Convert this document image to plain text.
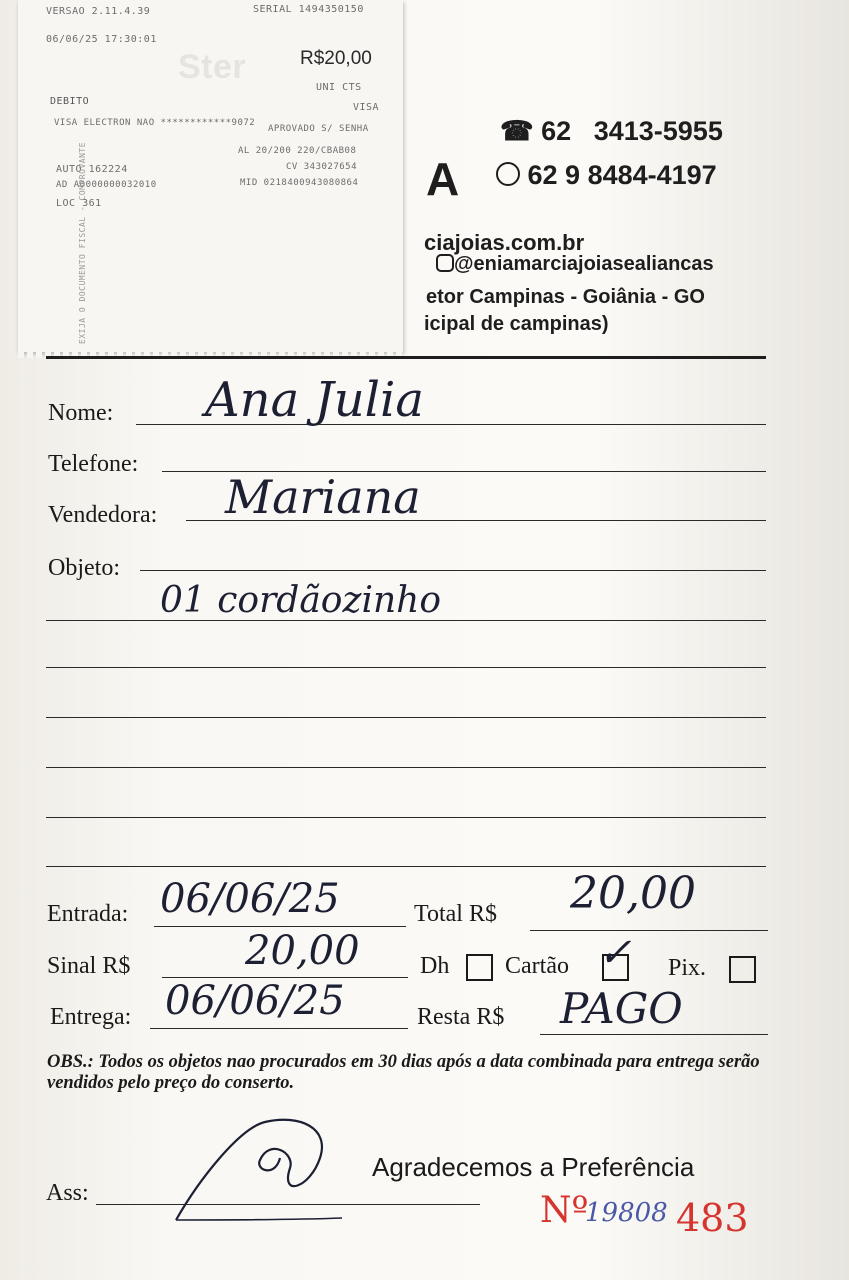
Ster
VERSAO 2.11.4.39	SERIAL 1494350150
06/06/25 17:30:01
R$20,00
UNI CTS
DEBITO
VISA
VISA ELECTRON NAO ************9072
APROVADO S/ SENHA
AL 20/200 220/CBAB08
AUTO 162224	CV 343027654
AD A0000000032010	MID 0218400943080864
LOC 361
EXIJA O DOCUMENTO FISCAL - COMPROVANTE
☎ 62 3413-5955
A	62 9 8484-4197
ciajoias.com.br
@eniamarciajoiasealiancas
etor Campinas - Goiânia - GO
icipal de campinas)
Nome: Ana Julia
Telefone:
Vendedora: Mariana
Objeto:
01 cordãozinho
Entrada: 06/06/25	Total R$ 20,00
Sinal R$	20,00	Dh Cartão ✓ Pix.
Entrega: 06/06/25	Resta R$ PAGO
OBS.: Todos os objetos nao procurados em 30 dias após a data combinada para entrega serão vendidos pelo preço do conserto.
Agradecemos a Preferência
Ass:	Nº
19808 483
